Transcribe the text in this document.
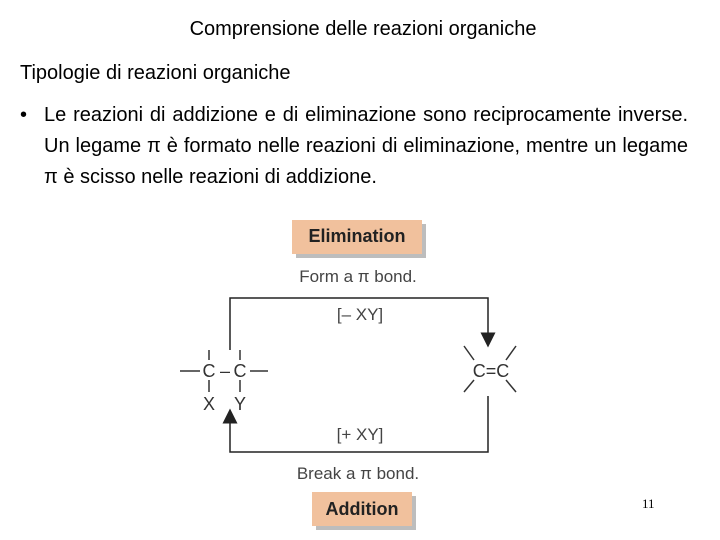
Comprensione delle reazioni organiche
Tipologie di reazioni organiche
• Le reazioni di addizione e di eliminazione sono reciprocamente inverse. Un legame π è formato nelle reazioni di eliminazione, mentre un legame π è scisso nelle reazioni di addizione.
Elimination
Form a π bond.
[– XY]
C – C
X Y
C=C
[+ XY]
Break a π bond.
Addition	11
